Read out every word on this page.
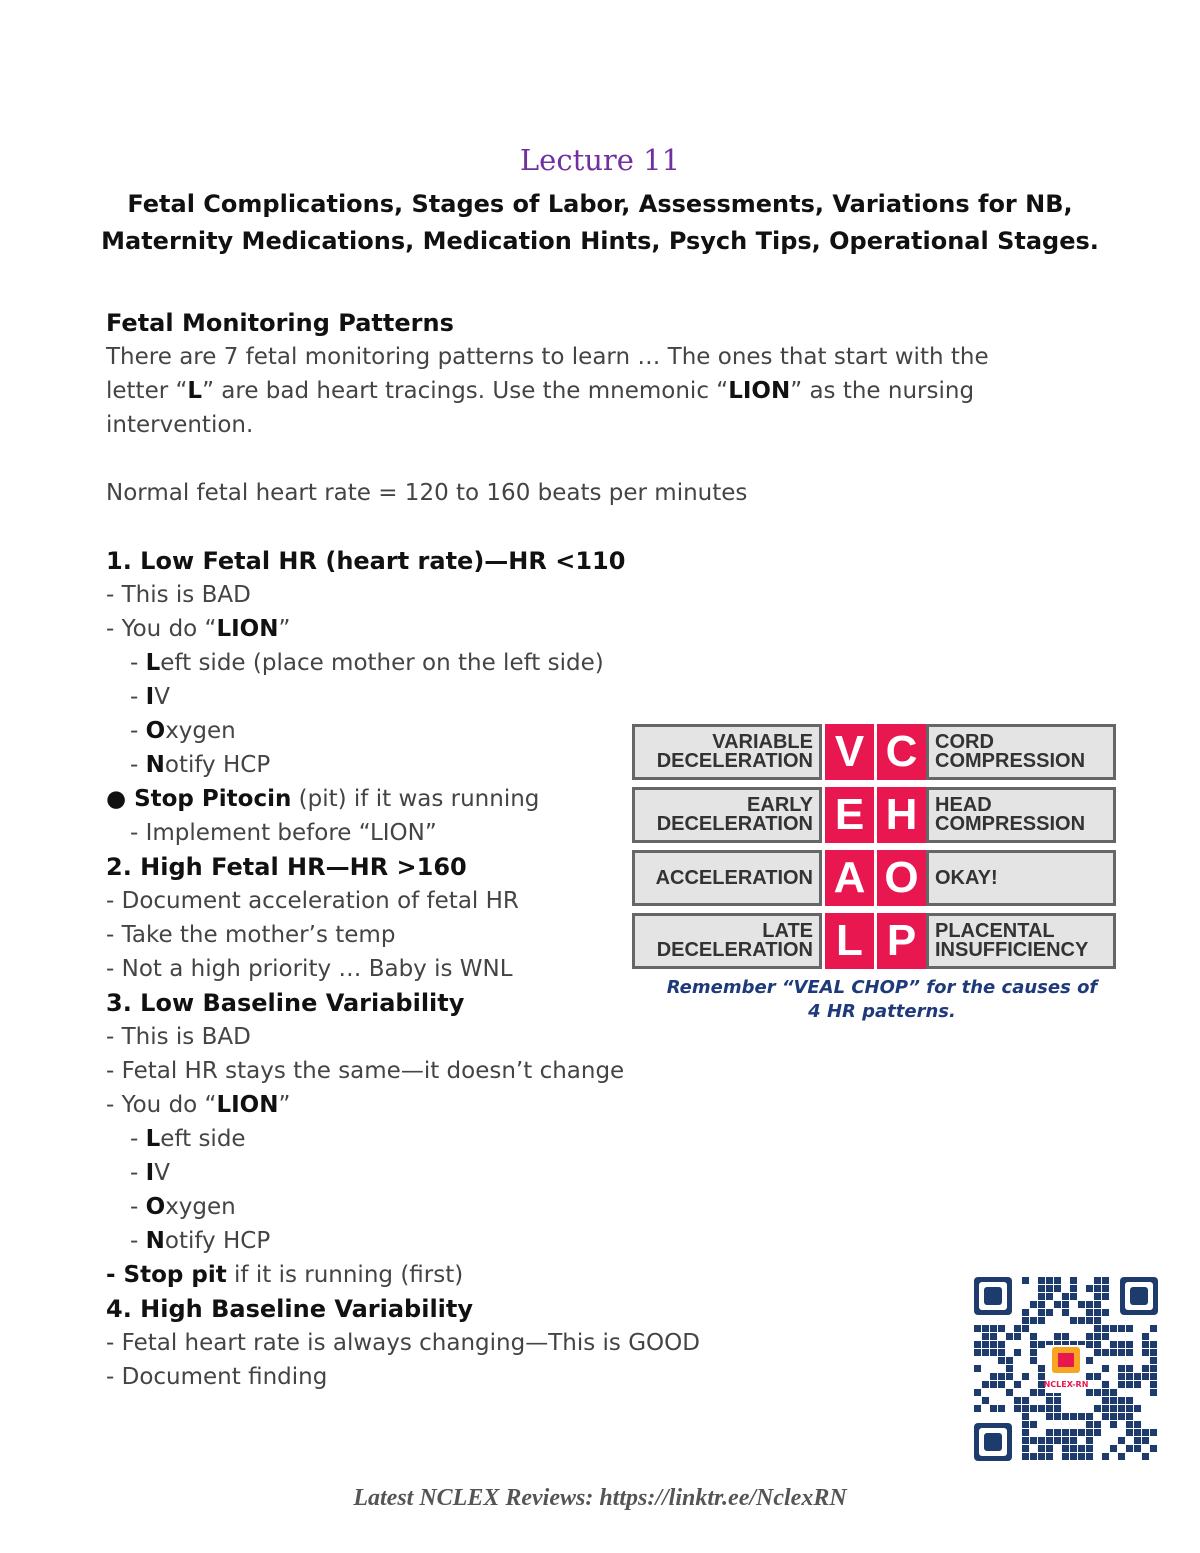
Lecture 11
Fetal Complications, Stages of Labor, Assessments, Variations for NB, Maternity Medications, Medication Hints, Psych Tips, Operational Stages.
Fetal Monitoring Patterns
There are 7 fetal monitoring patterns to learn … The ones that start with the
letter “L” are bad heart tracings. Use the mnemonic “LION” as the nursing
intervention.
Normal fetal heart rate = 120 to 160 beats per minutes
1. Low Fetal HR (heart rate)—HR <110
- This is BAD
- You do “LION”
- Left side (place mother on the left side)
- IV
- Oxygen
- Notify HCP
● Stop Pitocin (pit) if it was running
- Implement before “LION”
2. High Fetal HR—HR >160
- Document acceleration of fetal HR
- Take the mother’s temp
- Not a high priority … Baby is WNL
3. Low Baseline Variability
- This is BAD
- Fetal HR stays the same—it doesn’t change
- You do “LION”
- Left side
- IV
- Oxygen
- Notify HCP
- Stop pit if it is running (first)
4. High Baseline Variability
- Fetal heart rate is always changing—This is GOOD
- Document finding
VARIABLE
DECELERATION V C CORD
COMPRESSION
EARLY
DECELERATION E H HEAD
COMPRESSION
ACCELERATION A O OKAY!
LATE
DECELERATION L P PLACENTAL
INSUFFICIENCY
Remember “VEAL CHOP” for the causes of
4 HR patterns.
NCLEX-RN
Latest NCLEX Reviews: https://linktr.ee/NclexRN
